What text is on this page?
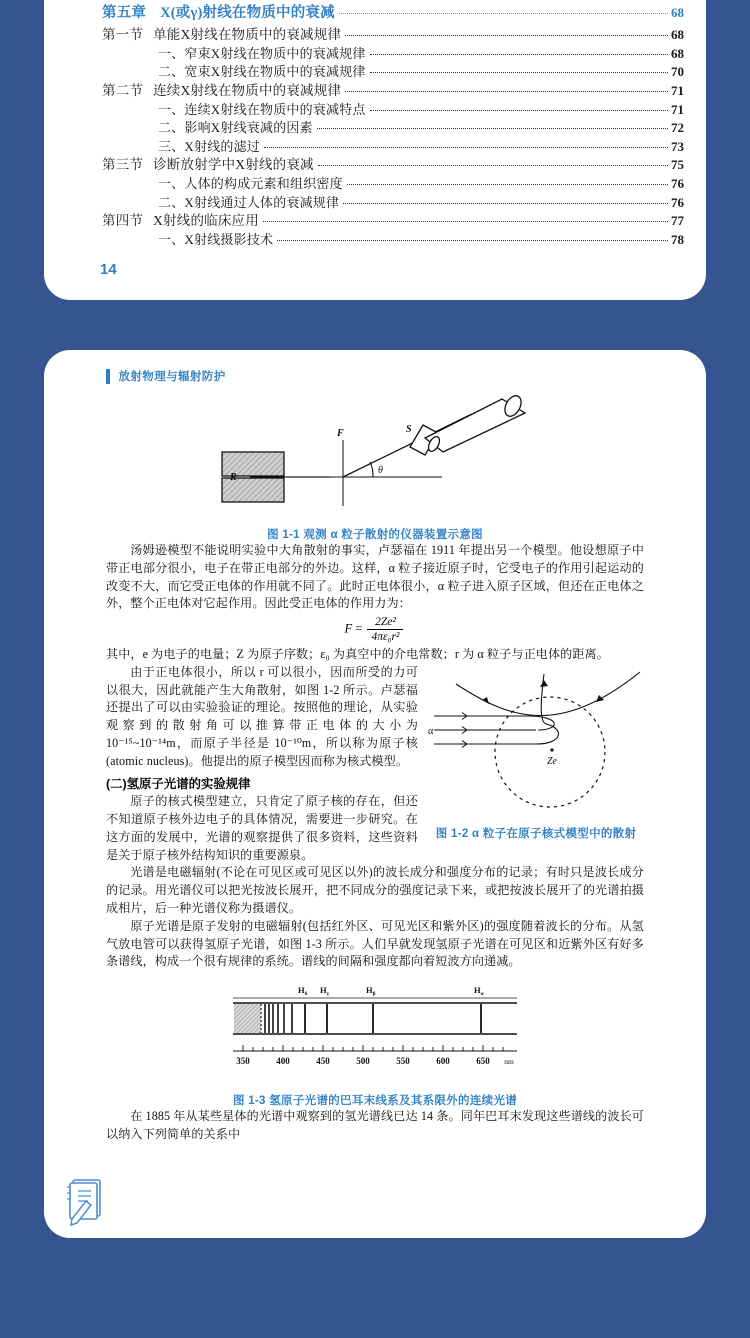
第五章 X(或γ)射线在物质中的衰减	68
第一节 单能X射线在物质中的衰减规律	68
一、窄束X射线在物质中的衰减规律	68
二、宽束X射线在物质中的衰减规律	70
第二节 连续X射线在物质中的衰减规律	71
一、连续X射线在物质中的衰减特点	71
二、影响X射线衰减的因素	72
三、X射线的滤过	73
第三节 诊断放射学中X射线的衰减	75
一、人体的构成元素和组织密度	76
二、X射线通过人体的衰减规律	76
第四节 X射线的临床应用	77
一、X射线摄影技术	78
14
放射物理与辐射防护
R
F
θ
S
图 1-1 观测 α 粒子散射的仪器装置示意图

汤姆逊模型不能说明实验中大角散射的事实，卢瑟福在 1911 年提出另一个模型。他设想原子中带正电部分很小，电子在带正电部分的外边。这样，α 粒子接近原子时，它受电子的作用引起运动的改变不大，而它受正电体的作用就不同了。此时正电体很小，α 粒子进入原子区域，但还在正电体之外，整个正电体对它起作用。因此受正电体的作用力为：

$F = \frac{\text{2Ze²}}{\text{4πε₀r²}}$

其中，e 为电子的电量；Z 为原子序数；ε₀ 为真空中的介电常数；r 为 α 粒子与正电体的距离。

Ze
α
图 1-2 α 粒子在原子核式模型中的散射

由于正电体很小，所以 r 可以很小，因而所受的力可以很大，因此就能产生大角散射，如图 1-2 所示。卢瑟福还提出了可以由实验验证的理论。按照他的理论，从实验观察到的散射角可以推算带正电体的大小为 10⁻¹⁵~10⁻¹⁴m，而原子半径是 10⁻¹⁰m，所以称为原子核(atomic nucleus)。他提出的原子模型因而称为核式模型。

(二)氢原子光谱的实验规律

原子的核式模型建立，只肯定了原子核的存在，但还不知道原子核外边电子的具体情况，需要进一步研究。在这方面的发展中，光谱的观察提供了很多资料，这些资料是关于原子核外结构知识的重要源泉。

光谱是电磁辐射(不论在可见区或可见区以外)的波长成分和强度分布的记录；有时只是波长成分的记录。用光谱仪可以把光按波长展开，把不同成分的强度记录下来，或把按波长展开了的光谱拍摄成相片，后一种光谱仪称为摄谱仪。

原子光谱是原子发射的电磁辐射(包括红外区、可见光区和紫外区)的强度随着波长的分布。从氢气放电管可以获得氢原子光谱，如图 1-3 所示。人们早就发现氢原子光谱在可见区和近紫外区有好多条谱线，构成一个很有规律的系统。谱线的间隔和强度都向着短波方向递减。

$H_\delta$ $H_\gamma$	$H_\beta$	$H_\alpha$
350	400	450	500	550	600	650 nm
图 1-3 氢原子光谱的巴耳末线系及其系限外的连续光谱

在 1885 年从某些星体的光谱中观察到的氢光谱线已达 14 条。同年巴耳末发现这些谱线的波长可以纳入下列简单的关系中
